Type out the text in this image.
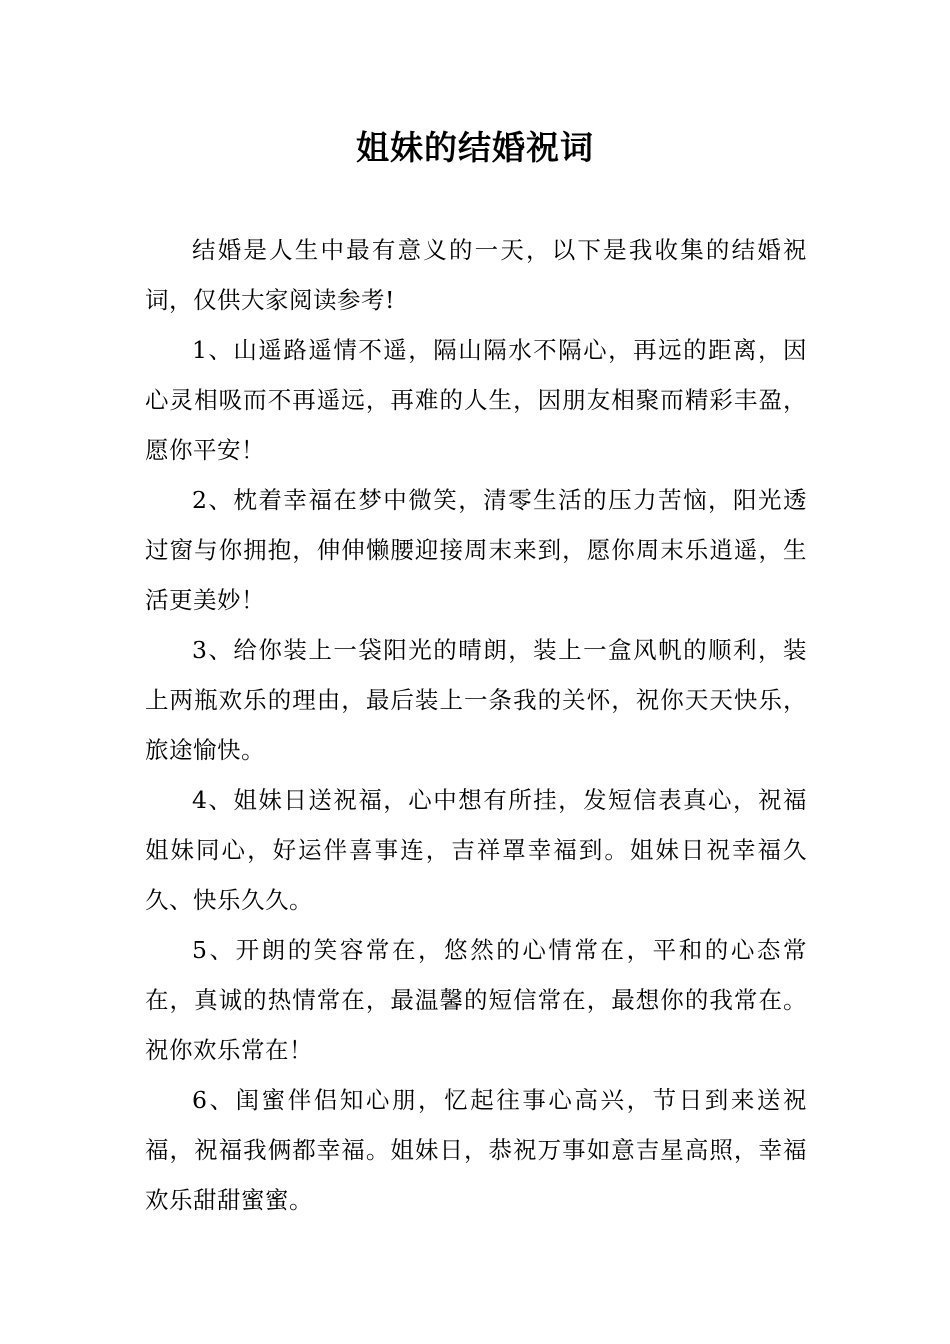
姐妹的结婚祝词

结婚是人生中最有意义的一天，以下是我收集的结婚祝词，仅供大家阅读参考!

1、山遥路遥情不遥，隔山隔水不隔心，再远的距离，因心灵相吸而不再遥远，再难的人生，因朋友相聚而精彩丰盈，愿你平安！

2、枕着幸福在梦中微笑，清零生活的压力苦恼，阳光透过窗与你拥抱，伸伸懒腰迎接周末来到，愿你周末乐逍遥，生活更美妙！

3、给你装上一袋阳光的晴朗，装上一盒风帆的顺利，装上两瓶欢乐的理由，最后装上一条我的关怀，祝你天天快乐，旅途愉快。

4、姐妹日送祝福，心中想有所挂，发短信表真心，祝福姐妹同心，好运伴喜事连，吉祥罩幸福到。姐妹日祝幸福久久、快乐久久。

5、开朗的笑容常在，悠然的心情常在，平和的心态常在，真诚的热情常在，最温馨的短信常在，最想你的我常在。祝你欢乐常在！

6、闺蜜伴侣知心朋，忆起往事心高兴，节日到来送祝福，祝福我俩都幸福。姐妹日，恭祝万事如意吉星高照，幸福欢乐甜甜蜜蜜。
